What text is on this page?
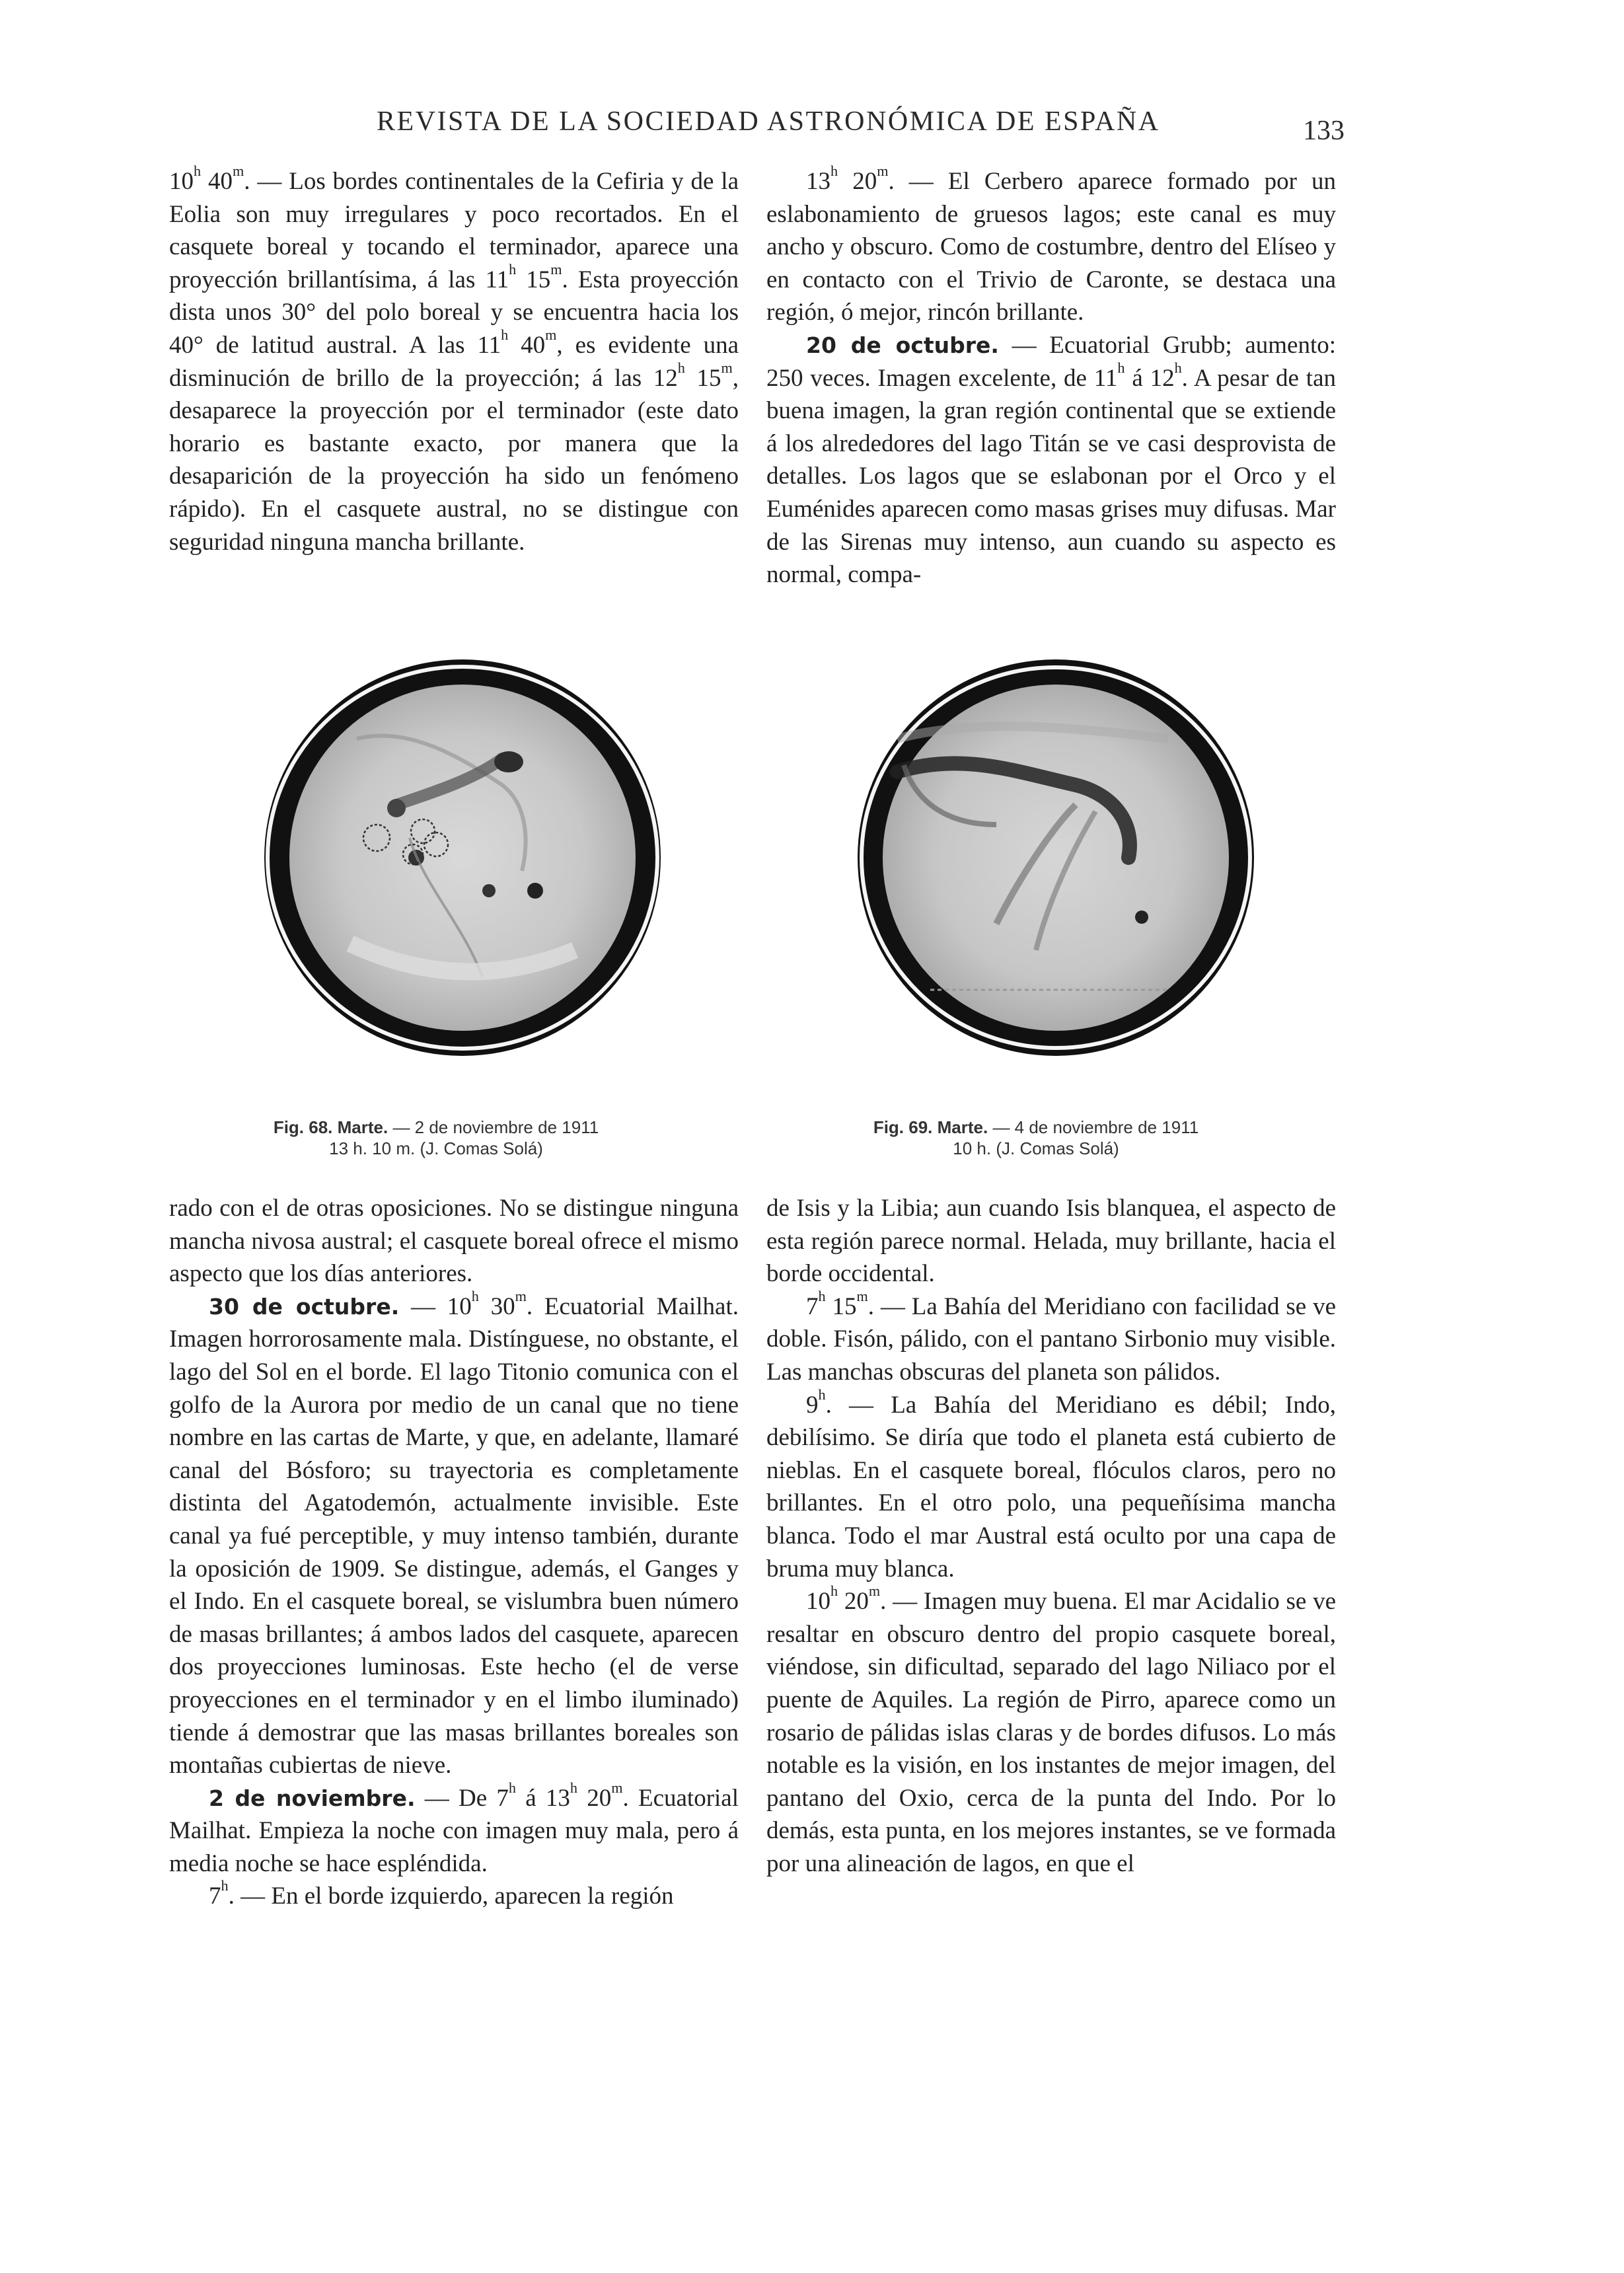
REVISTA DE LA SOCIEDAD ASTRONÓMICA DE ESPAÑA	133

10$^h$ 40$^m$. — Los bordes continentales de la Cefiria y de la Eolia son muy irregulares y poco recortados. En el casquete boreal y tocando el terminador, aparece una proyección brillantísima, á las 11$^h$ 15$^m$. Esta proyección dista unos 30° del polo boreal y se encuentra hacia los 40° de latitud austral. A las 11$^h$ 40$^m$, es evidente una disminución de brillo de la proyección; á las 12$^h$ 15$^m$, desaparece la proyección por el terminador (este dato horario es bastante exacto, por manera que la desaparición de la proyección ha sido un fenómeno rápido). En el casquete austral, no se distingue con seguridad ninguna mancha brillante.

13$^h$ 20$^m$. — El Cerbero aparece formado por un eslabonamiento de gruesos lagos; este canal es muy ancho y obscuro. Como de costumbre, dentro del Elíseo y en contacto con el Trivio de Caronte, se destaca una región, ó mejor, rincón brillante.

20 de octubre. — Ecuatorial Grubb; aumento: 250 veces. Imagen excelente, de 11$^h$ á 12$^h$. A pesar de tan buena imagen, la gran región continental que se extiende á los alrededores del lago Titán se ve casi desprovista de detalles. Los lagos que se eslabonan por el Orco y el Euménides aparecen como masas grises muy difusas. Mar de las Sirenas muy intenso, aun cuando su aspecto es normal, compa-

Fig. 68. Marte. — 2 de noviembre de 1911
13 h. 10 m. (J. Comas Solá)
Fig. 69. Marte. — 4 de noviembre de 1911
10 h. (J. Comas Solá)

rado con el de otras oposiciones. No se distingue ninguna mancha nivosa austral; el casquete boreal ofrece el mismo aspecto que los días anteriores.

30 de octubre. — 10$^h$ 30$^m$. Ecuatorial Mailhat. Imagen horrorosamente mala. Distínguese, no obstante, el lago del Sol en el borde. El lago Titonio comunica con el golfo de la Aurora por medio de un canal que no tiene nombre en las cartas de Marte, y que, en adelante, llamaré canal del Bósforo; su trayectoria es completamente distinta del Agatodemón, actualmente invisible. Este canal ya fué perceptible, y muy intenso también, durante la oposición de 1909. Se distingue, además, el Ganges y el Indo. En el casquete boreal, se vislumbra buen número de masas brillantes; á ambos lados del casquete, aparecen dos proyecciones luminosas. Este hecho (el de verse proyecciones en el terminador y en el limbo iluminado) tiende á demostrar que las masas brillantes boreales son montañas cubiertas de nieve.

2 de noviembre. — De 7$^h$ á 13$^h$ 20$^m$. Ecuatorial Mailhat. Empieza la noche con imagen muy mala, pero á media noche se hace espléndida.

7$^h$. — En el borde izquierdo, aparecen la región

de Isis y la Libia; aun cuando Isis blanquea, el aspecto de esta región parece normal. Helada, muy brillante, hacia el borde occidental.

7$^h$ 15$^m$. — La Bahía del Meridiano con facilidad se ve doble. Fisón, pálido, con el pantano Sirbonio muy visible. Las manchas obscuras del planeta son pálidos.

9$^h$. — La Bahía del Meridiano es débil; Indo, debilísimo. Se diría que todo el planeta está cubierto de nieblas. En el casquete boreal, flóculos claros, pero no brillantes. En el otro polo, una pequeñísima mancha blanca. Todo el mar Austral está oculto por una capa de bruma muy blanca.

10$^h$ 20$^m$. — Imagen muy buena. El mar Acidalio se ve resaltar en obscuro dentro del propio casquete boreal, viéndose, sin dificultad, separado del lago Niliaco por el puente de Aquiles. La región de Pirro, aparece como un rosario de pálidas islas claras y de bordes difusos. Lo más notable es la visión, en los instantes de mejor imagen, del pantano del Oxio, cerca de la punta del Indo. Por lo demás, esta punta, en los mejores instantes, se ve formada por una alineación de lagos, en que el
